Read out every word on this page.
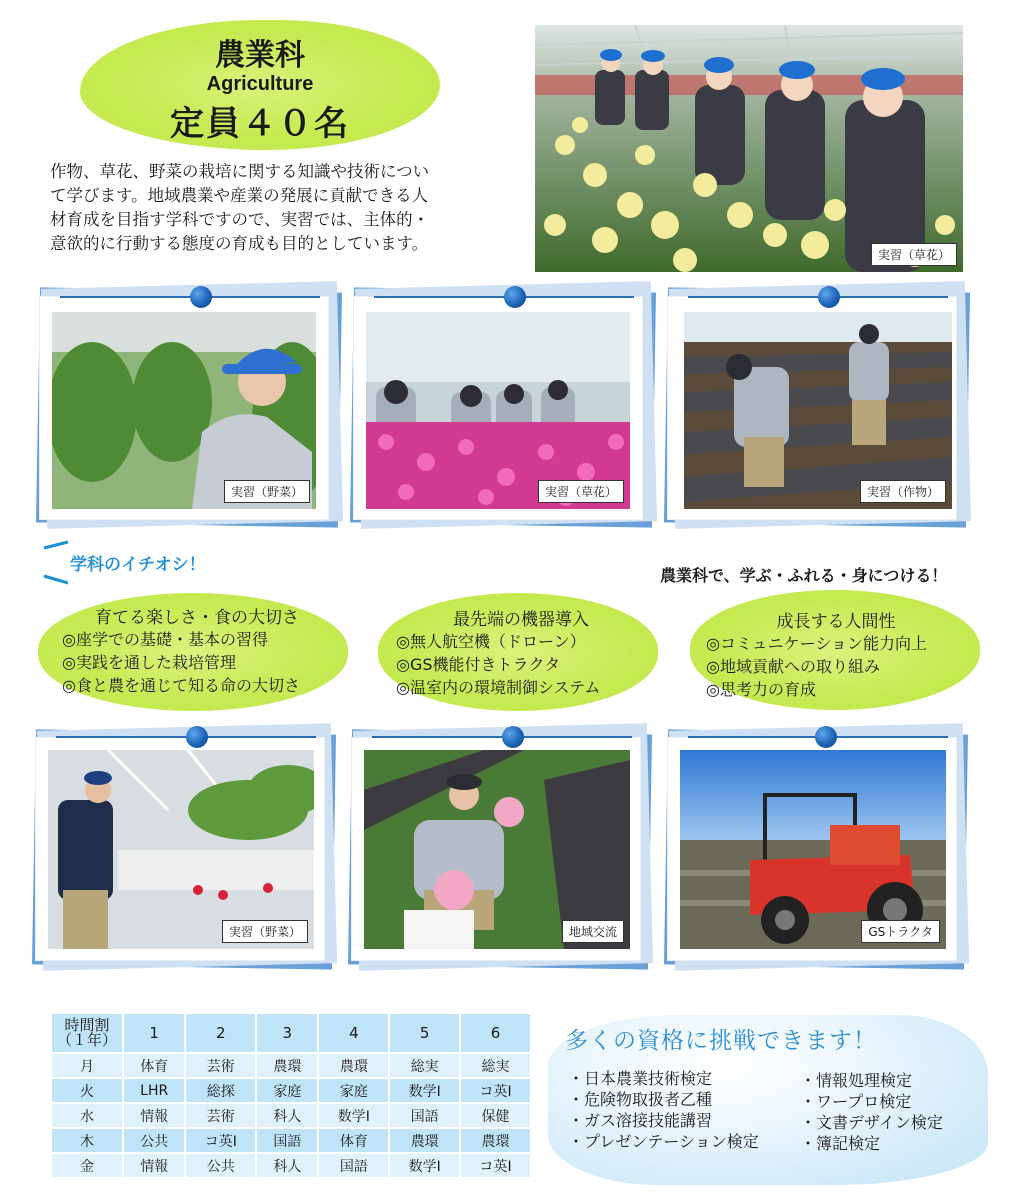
農業科
Agriculture
定員４０名
作物、草花、野菜の栽培に関する知識や技術につい
て学びます。地域農業や産業の発展に貢献できる人
材育成を目指す学科ですので、実習では、主体的・
意欲的に行動する態度の育成も目的としています。
実習（草花）
実習（野菜）	実習（草花）	実習（作物）
学科のイチオシ！
農業科で、学ぶ・ふれる・身につける！
育てる楽しさ・食の大切さ
◎座学での基礎・基本の習得
◎実践を通した栽培管理
◎食と農を通じて知る命の大切さ
最先端の機器導入
◎無人航空機（ドローン）
◎GS機能付きトラクタ
◎温室内の環境制御システム
成長する人間性
◎コミュニケーション能力向上
◎地域貢献への取り組み
◎思考力の育成
実習（野菜）	地域交流	GSトラクタ
時間割
（１年）	1	2	3	4	5	6
月	体育	芸術	農環	農環	総実	総実
火	LHR	総探	家庭	家庭	数学Ⅰ	コ英Ⅰ
水	情報	芸術	科人	数学Ⅰ	国語	保健
木	公共	コ英Ⅰ	国語	体育	農環	農環
金	情報	公共	科人	国語	数学Ⅰ	コ英Ⅰ
多くの資格に挑戦できます！
・日本農業技術検定
・危険物取扱者乙種
・ガス溶接技能講習
・プレゼンテーション検定
・情報処理検定
・ワープロ検定
・文書デザイン検定
・簿記検定
